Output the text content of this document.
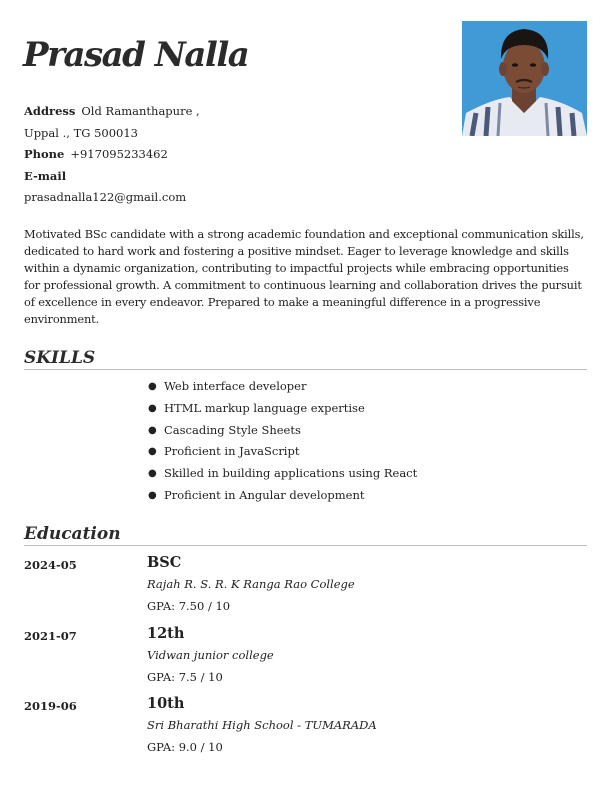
Prasad Nalla
Address Old Ramanthapure ,
Uppal ., TG 500013
Phone +917095233462
E-mail
prasadnalla122@gmail.com

Motivated BSc candidate with a strong academic foundation and exceptional communication skills, dedicated to hard work and fostering a positive mindset. Eager to leverage knowledge and skills within a dynamic organization, contributing to impactful projects while embracing opportunities for professional growth. A commitment to continuous learning and collaboration drives the pursuit of excellence in every endeavor. Prepared to make a meaningful difference in a progressive environment.

SKILLS
● Web interface developer
● HTML markup language expertise
● Cascading Style Sheets
● Proficient in JavaScript
● Skilled in building applications using React
● Proficient in Angular development
Education
2024-05	BSC
Rajah R. S. R. K Ranga Rao College
GPA: 7.50 / 10
2021-07	12th
Vidwan junior college
GPA: 7.5 / 10
2019-06	10th
Sri Bharathi High School - TUMARADA
GPA: 9.0 / 10
